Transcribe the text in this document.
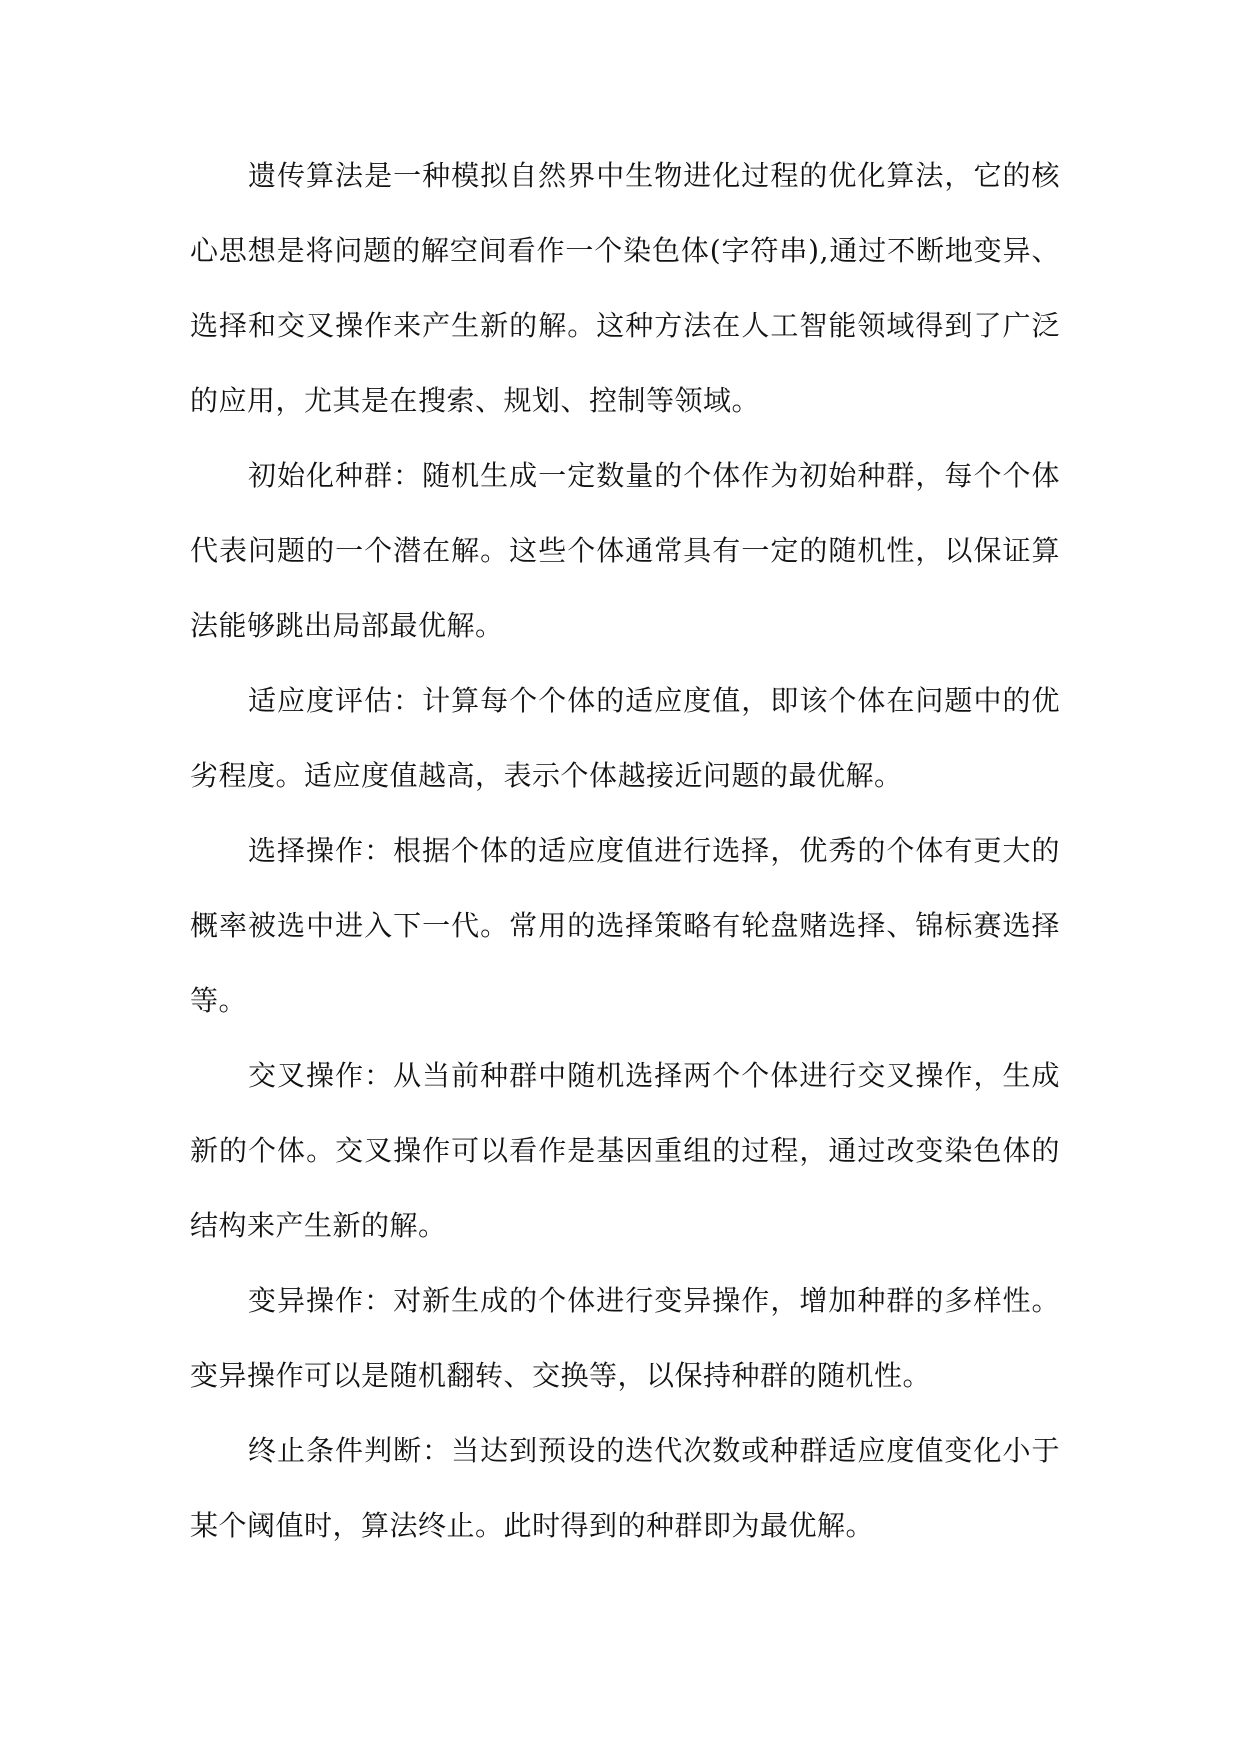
遗传算法是一种模拟自然界中生物进化过程的优化算法，它的核心思想是将问题的解空间看作一个染色体(字符串),通过不断地变异、选择和交叉操作来产生新的解。这种方法在人工智能领域得到了广泛的应用，尤其是在搜索、规划、控制等领域。

初始化种群：随机生成一定数量的个体作为初始种群，每个个体代表问题的一个潜在解。这些个体通常具有一定的随机性，以保证算法能够跳出局部最优解。

适应度评估：计算每个个体的适应度值，即该个体在问题中的优劣程度。适应度值越高，表示个体越接近问题的最优解。

选择操作：根据个体的适应度值进行选择，优秀的个体有更大的概率被选中进入下一代。常用的选择策略有轮盘赌选择、锦标赛选择等。

交叉操作：从当前种群中随机选择两个个体进行交叉操作，生成新的个体。交叉操作可以看作是基因重组的过程，通过改变染色体的结构来产生新的解。

变异操作：对新生成的个体进行变异操作，增加种群的多样性。变异操作可以是随机翻转、交换等，以保持种群的随机性。

终止条件判断：当达到预设的迭代次数或种群适应度值变化小于某个阈值时，算法终止。此时得到的种群即为最优解。
